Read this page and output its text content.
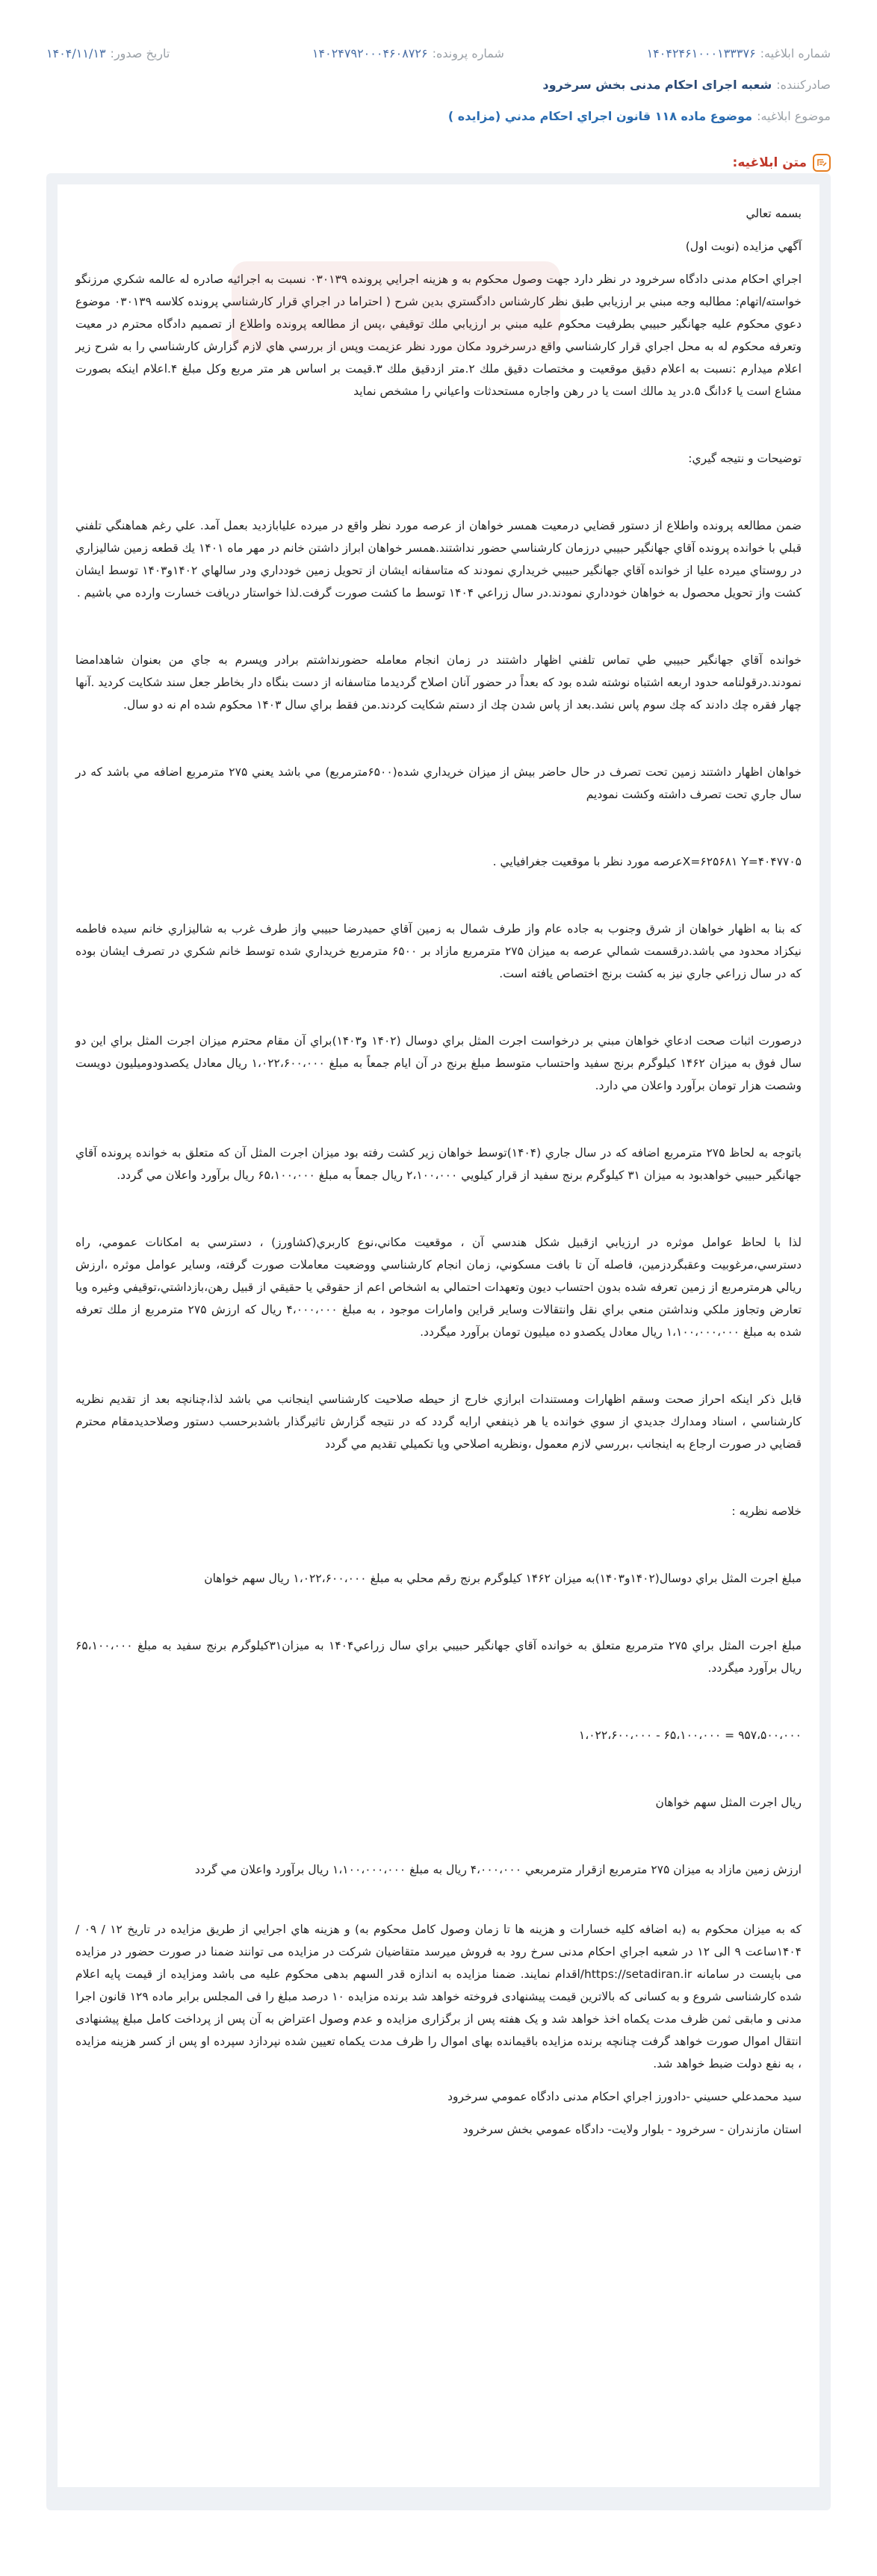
شماره ابلاغیه:
۱۴۰۴۲۴۶۱۰۰۰۱۳۳۳۷۶
شماره پرونده:
۱۴۰۲۴۷۹۲۰۰۰۴۶۰۸۷۲۶
تاریخ صدور:
۱۴۰۴/۱۱/۱۳
صادرکننده:
شعبه اجرای احکام مدنی بخش سرخرود
موضوع ابلاغیه:
موضوع ماده ۱۱۸ قانون اجراي احكام مدني (مزایده )
متن ابلاغیه:

بسمه تعالي

آگهي مزايده (نوبت اول)

اجراي احکام مدنی دادگاه سرخرود در نظر دارد جهت وصول محکوم به و هزينه اجرايي پرونده ۰۳۰۱۳۹ نسبت به اجرائيه صادره له عالمه شكري مرزنگو خواسته/اتهام: مطالبه وجه مبني بر ارزيابي طبق نظر كارشناس دادگستري بدين شرح ( احتراما در اجراي قرار كارشناسي پرونده كلاسه ۰۳۰۱۳۹ موضوع دعوي محكوم عليه جهانگير حبيبي بطرفيت محكوم عليه مبني بر ارزيابي ملك توقيفي ،پس از مطالعه پرونده واطلاع از تصميم دادگاه محترم در معيت وتعرفه محكوم له به محل اجراي قرار كارشناسي واقع درسرخرود مكان مورد نظر عزيمت وپس از بررسي هاي لازم گزارش كارشناسي را به شرح زير اعلام ميدارم :نسبت به اعلام دقيق موقعيت و مختصات دقيق ملك ۲.متر ازدقيق ملك ۳.قيمت بر اساس هر متر مربع وكل مبلغ ۴.اعلام اينكه بصورت مشاع است يا ۶دانگ ۵.در يد مالك است يا در رهن واجاره مستحدثات واعياني را مشخص نمايد

توضيحات و نتيجه گيري:

ضمن مطالعه پرونده واطلاع از دستور قضايي درمعيت همسر خواهان از عرصه مورد نظر واقع در ميرده عليابازديد بعمل آمد. علي رغم هماهنگي تلفني قبلي با خوانده پرونده آقاي جهانگير حبيبي درزمان كارشناسي حضور نداشتند.همسر خواهان ابراز داشتن خانم در مهر ماه ۱۴۰۱ يك قطعه زمين شاليزاري در روستاي ميرده عليا از خوانده آقاي جهانگير حبيبي خريداري نمودند كه متاسفانه ايشان از تحويل زمين خودداري ودر سالهاي ۱۴۰۲و۱۴۰۳ توسط ايشان كشت واز تحويل محصول به خواهان خودداري نمودند.در سال زراعي ۱۴۰۴ توسط ما كشت صورت گرفت.لذا خواستار دريافت خسارت وارده مي باشيم .

خوانده آقاي جهانگير حبيبي طي تماس تلفني اظهار داشتند در زمان انجام معامله حضورنداشتم برادر وپسرم به جاي من بعنوان شاهدامضا نمودند.درقولنامه حدود اربعه اشتباه نوشته شده بود كه بعداً در حضور آنان اصلاح گرديدما متاسفانه از دست بنگاه دار بخاطر جعل سند شكايت كرديد .آنها چهار فقره چك دادند كه چك سوم پاس نشد.بعد از پاس شدن چك از دستم شكايت كردند.من فقط براي سال ۱۴۰۳ محكوم شده ام نه دو سال.

خواهان اظهار داشتند زمين تحت تصرف در حال حاضر بيش از ميزان خريداري شده(۶۵۰۰مترمربع) مي باشد يعني ۲۷۵ مترمربع اضافه مي باشد كه در سال جاري تحت تصرف داشته وكشت نموديم

X=۶۲۵۶۸۱ Y=۴۰۴۷۷۰۵عرصه مورد نظر با موقعيت جغرافيايي .

كه بنا به اظهار خواهان از شرق وجنوب به جاده عام واز طرف شمال به زمين آقاي حميدرضا حبيبي واز طرف غرب به شاليزاري خانم سيده فاطمه نيكزاد محدود مي باشد.درقسمت شمالي عرصه به ميزان ۲۷۵ مترمربع مازاد بر ۶۵۰۰ مترمربع خريداري شده توسط خانم شكري در تصرف ايشان بوده كه در سال زراعي جاري نيز به كشت برنج اختصاص يافته است.

درصورت اثبات صحت ادعاي خواهان مبني بر درخواست اجرت المثل براي دوسال (۱۴۰۲ و۱۴۰۳)براي آن مقام محترم ميزان اجرت المثل براي اين دو سال فوق به ميزان ۱۴۶۲ كيلوگرم برنج سفيد واحتساب متوسط مبلغ برنج در آن ايام جمعاً به مبلغ ۱،۰۲۲،۶۰۰،۰۰۰ ريال معادل يكصدودوميليون دويست وشصت هزار تومان برآورد واعلان مي دارد.

باتوجه به لحاظ ۲۷۵ مترمربع اضافه كه در سال جاري (۱۴۰۴)توسط خواهان زير كشت رفته بود ميزان اجرت المثل آن كه متعلق به خوانده پرونده آقاي جهانگير حبيبي خواهدبود به ميزان ۳۱ كيلوگرم برنج سفيد از قرار كيلويي ۲،۱۰۰،۰۰۰ ريال جمعاً به مبلغ ۶۵،۱۰۰،۰۰۰ ريال برآورد واعلان مي گردد.

لذا با لحاظ عوامل موثره در ارزيابي ازقبيل شكل هندسي آن ، موقعيت مكاني،نوع كاربري(كشاورز) ، دسترسي به امكانات عمومي، راه دسترسي،مرغوبيت وعقبگردزمين، فاصله آن تا بافت مسكوني، زمان انجام كارشناسي ووضعيت معاملات صورت گرفته، وساير عوامل موثره ،ارزش ريالي هرمترمربع از زمين تعرفه شده بدون احتساب ديون وتعهدات احتمالي به اشخاص اعم از حقوقي يا حقيقي از قبيل رهن،بازداشتي،توقيفي وغيره ويا تعارض وتجاوز ملكي ونداشتن منعي براي نقل وانتقالات وساير قراين وامارات موجود ، به مبلغ ۴،۰۰۰،۰۰۰ ريال كه ارزش ۲۷۵ مترمربع از ملك تعرفه شده به مبلغ ۱،۱۰۰،۰۰۰،۰۰۰ ريال معادل يكصدو ده ميليون تومان برآورد ميگردد.

قابل ذكر اينكه احراز صحت وسقم اظهارات ومستندات ابرازي خارج از حيطه صلاحيت كارشناسي اينجانب مي باشد لذا،چنانچه بعد از تقديم نظريه كارشناسي ، اسناد ومدارك جديدي از سوي خوانده يا هر ذينفعي ارايه گردد كه در نتيجه گزارش تاثيرگذار باشدبرحسب دستور وصلاحديدمقام محترم قضايي در صورت ارجاع به اينجانب ،بررسي لازم معمول ،ونظريه اصلاحي ويا تكميلي تقديم مي گردد

خلاصه نظريه :

مبلغ اجرت المثل براي دوسال(۱۴۰۲و۱۴۰۳)به ميزان ۱۴۶۲ كيلوگرم برنج رقم محلي به مبلغ ۱،۰۲۲،۶۰۰،۰۰۰ ريال سهم خواهان

مبلغ اجرت المثل براي ۲۷۵ مترمربع متعلق به خوانده آقاي جهانگير حبيبي براي سال زراعي۱۴۰۴ به ميزان۳۱كيلوگرم برنج سفيد به مبلغ ۶۵،۱۰۰،۰۰۰ ريال برآورد ميگردد.

۹۵۷،۵۰۰،۰۰۰ = ۶۵،۱۰۰،۰۰۰ - ۱،۰۲۲،۶۰۰،۰۰۰

ريال اجرت المثل سهم خواهان

ارزش زمين مازاد به ميزان ۲۷۵ مترمربع ازقرار مترمربعي ۴،۰۰۰،۰۰۰ ريال به مبلغ ۱،۱۰۰،۰۰۰،۰۰۰ ريال برآورد واعلان مي گردد

كه به ميزان محكوم به (به اضافه كليه خسارات و هزينه ها تا زمان وصول كامل محكوم به) و هزينه هاي اجرايي از طريق مزايده در تاريخ ۱۲ / ۰۹ / ۱۴۰۴ساعت ۹ الی ۱۲ در شعبه اجراي احکام مدنی سرخ رود به فروش میرسد متقاضیان شرکت در مزایده می توانند ضمنا در صورت حضور در مزایده می بایست در سامانه https://setadiran.ir/اقدام نمایند. ضمنا مزایده به اندازه قدر السهم بدهی محکوم علیه می باشد ومزایده از قیمت پایه اعلام شده کارشناسی شروع و به کسانی که بالاترین قیمت پیشنهادی فروخته خواهد شد برنده مزایده ۱۰ درصد مبلغ را فی المجلس برابر ماده ۱۲۹ قانون اجرا مدنی و مابقی ثمن ظرف مدت یکماه اخذ خواهد شد و یک هفته پس از برگزاری مزایده و عدم وصول اعتراض به آن پس از پرداخت کامل مبلغ پیشنهادی انتقال اموال صورت خواهد گرفت چنانچه برنده مزایده باقیمانده بهای اموال را ظرف مدت یکماه تعیین شده نپردازد سپرده او پس از کسر هزینه مزایده ، به نفع دولت ضبط خواهد شد.

سيد محمدعلي حسيني -دادورز اجراي احکام مدنی دادگاه عمومي سرخرود

استان مازندران - سرخرود - بلوار ولايت- دادگاه عمومي بخش سرخرود
